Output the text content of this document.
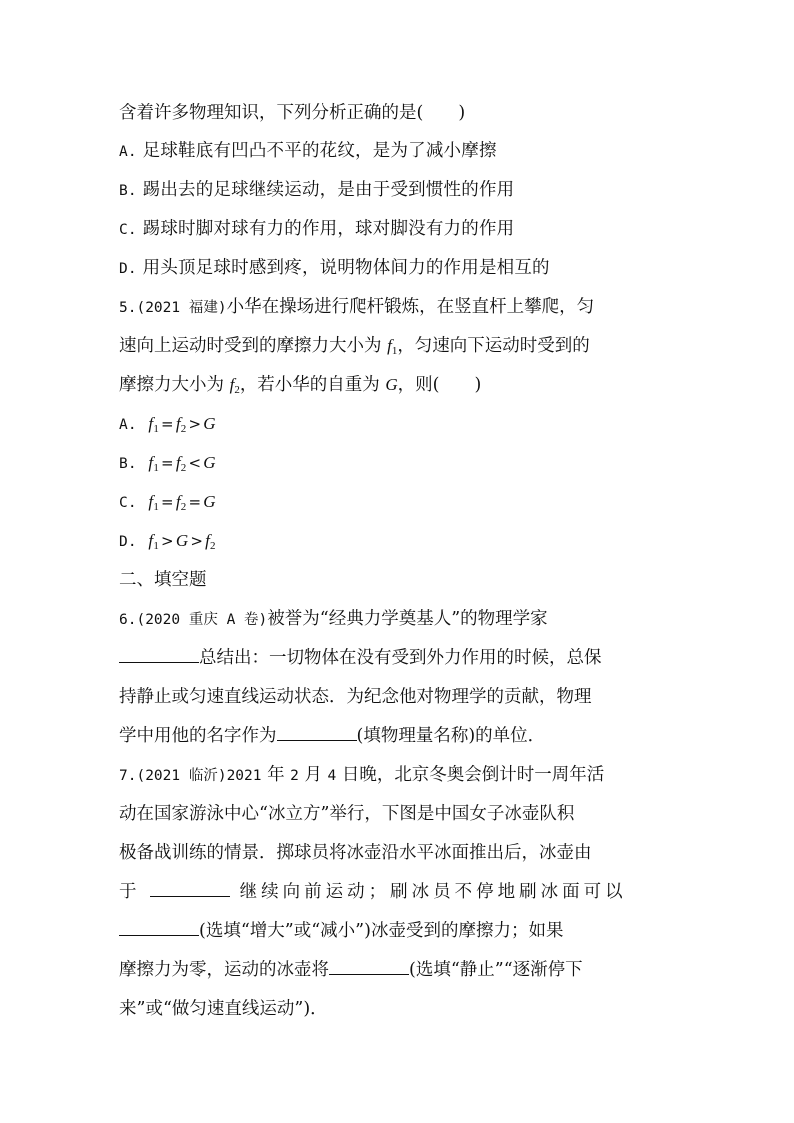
含着许多物理知识，下列分析正确的是(　　)
A. 足球鞋底有凹凸不平的花纹，是为了减小摩擦
B. 踢出去的足球继续运动，是由于受到惯性的作用
C. 踢球时脚对球有力的作用，球对脚没有力的作用
D. 用头顶足球时感到疼，说明物体间力的作用是相互的
5.(2021 福建)小华在操场进行爬杆锻炼，在竖直杆上攀爬，匀
速向上运动时受到的摩擦力大小为 $f_1$，匀速向下运动时受到的
摩擦力大小为 $f_2$，若小华的自重为 G，则(　　)
A. $f_1 = f_2 > G$
B. $f_1 = f_2 < G$
C. $f_1 = f_2 = G$
D. $f_1 > G > f_2$
二、填空题
6.(2020 重庆 A 卷)被誉为“经典力学奠基人”的物理学家
总结出：一切物体在没有受到外力作用的时候，总保
持静止或匀速直线运动状态．为纪念他对物理学的贡献，物理
学中用他的名字作为	(填物理量名称)的单位．
7.(2021 临沂)2021 年 2 月 4 日晚，北京冬奥会倒计时一周年活
动在国家游泳中心“冰立方”举行，下图是中国女子冰壶队积
极备战训练的情景．掷球员将冰壶沿水平冰面推出后，冰壶由
于	继续向前运动；刷冰员不停地刷冰面可以
(选填“增大”或“减小”)冰壶受到的摩擦力；如果
摩擦力为零，运动的冰壶将	(选填“静止”“逐渐停下
来”或“做匀速直线运动”)．
